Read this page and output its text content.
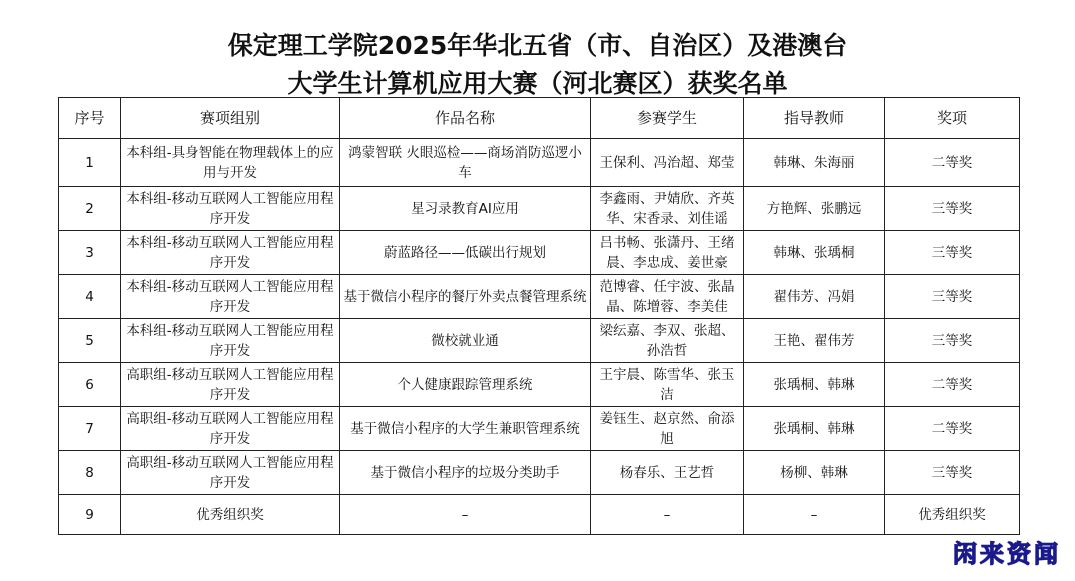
保定理工学院2025年华北五省（市、自治区）及港澳台
大学生计算机应用大赛（河北赛区）获奖名单
序号	赛项组别	作品名称	参赛学生	指导教师	奖项
1	本科组-具身智能在物理载体上的应用与开发	鸿蒙智联 火眼巡检——商场消防巡逻小车	王保利、冯治超、郑莹	韩琳、朱海丽	二等奖
2	本科组-移动互联网人工智能应用程序开发	星习录教育AI应用	李鑫雨、尹婧欣、齐英华、宋香录、刘佳谣	方艳辉、张鹏远	三等奖
3	本科组-移动互联网人工智能应用程序开发	蔚蓝路径——低碳出行规划	吕书畅、张潇丹、王绪晨、李忠成、姜世豪	韩琳、张瑀桐	三等奖
4	本科组-移动互联网人工智能应用程序开发	基于微信小程序的餐厅外卖点餐管理系统	范博睿、任宇波、张晶晶、陈增蓉、李美佳	翟伟芳、冯娟	三等奖
5	本科组-移动互联网人工智能应用程序开发	微校就业通	梁纭嘉、李双、张超、孙浩哲	王艳、翟伟芳	三等奖
6	高职组-移动互联网人工智能应用程序开发	个人健康跟踪管理系统	王宇晨、陈雪华、张玉洁	张瑀桐、韩琳	二等奖
7	高职组-移动互联网人工智能应用程序开发	基于微信小程序的大学生兼职管理系统	姜钰生、赵京然、俞添旭	张瑀桐、韩琳	二等奖
8	高职组-移动互联网人工智能应用程序开发	基于微信小程序的垃圾分类助手	杨春乐、王艺哲	杨柳、韩琳	三等奖
9	优秀组织奖	–	–	–	优秀组织奖
闲来资闻
